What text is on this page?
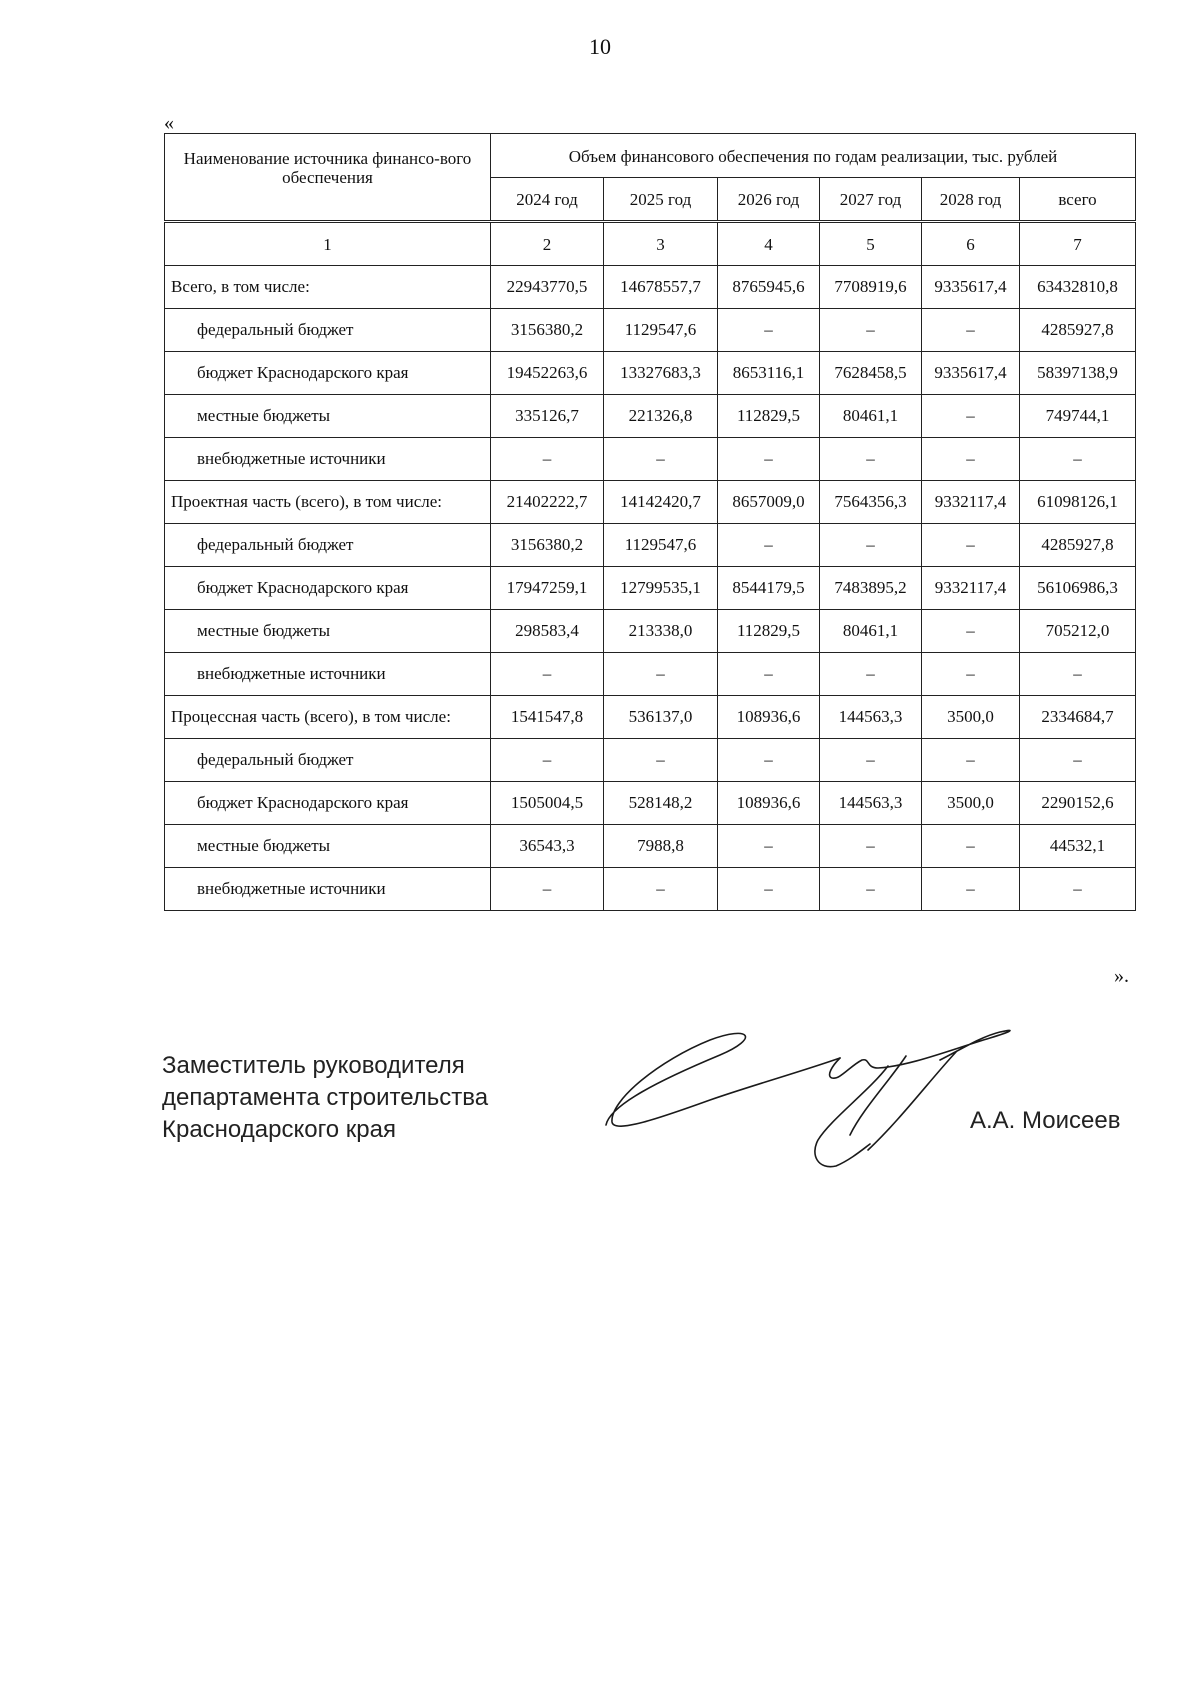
10
«
Наименование источника финансо-вого обеспечения	Объем финансового обеспечения по годам реализации, тыс. рублей					
	2024 год	2025 год	2026 год	2027 год	2028 год	всего
1	2	3	4	5	6	7
Всего, в том числе:	22943770,5	14678557,7	8765945,6	7708919,6	9335617,4	63432810,8
федеральный бюджет	3156380,2	1129547,6	–	–	–	4285927,8
бюджет Краснодарского края	19452263,6	13327683,3	8653116,1	7628458,5	9335617,4	58397138,9
местные бюджеты	335126,7	221326,8	112829,5	80461,1	–	749744,1
внебюджетные источники	–	–	–	–	–	–
Проектная часть (всего), в том числе:	21402222,7	14142420,7	8657009,0	7564356,3	9332117,4	61098126,1
федеральный бюджет	3156380,2	1129547,6	–	–	–	4285927,8
бюджет Краснодарского края	17947259,1	12799535,1	8544179,5	7483895,2	9332117,4	56106986,3
местные бюджеты	298583,4	213338,0	112829,5	80461,1	–	705212,0
внебюджетные источники	–	–	–	–	–	–
Процессная часть (всего), в том числе:	1541547,8	536137,0	108936,6	144563,3	3500,0	2334684,7
федеральный бюджет	–	–	–	–	–	–
бюджет Краснодарского края	1505004,5	528148,2	108936,6	144563,3	3500,0	2290152,6
местные бюджеты	36543,3	7988,8	–	–	–	44532,1
внебюджетные источники	–	–	–	–	–	–
».
Заместитель руководителя
департамента строительства
Краснодарского края	А.А. Моисеев
